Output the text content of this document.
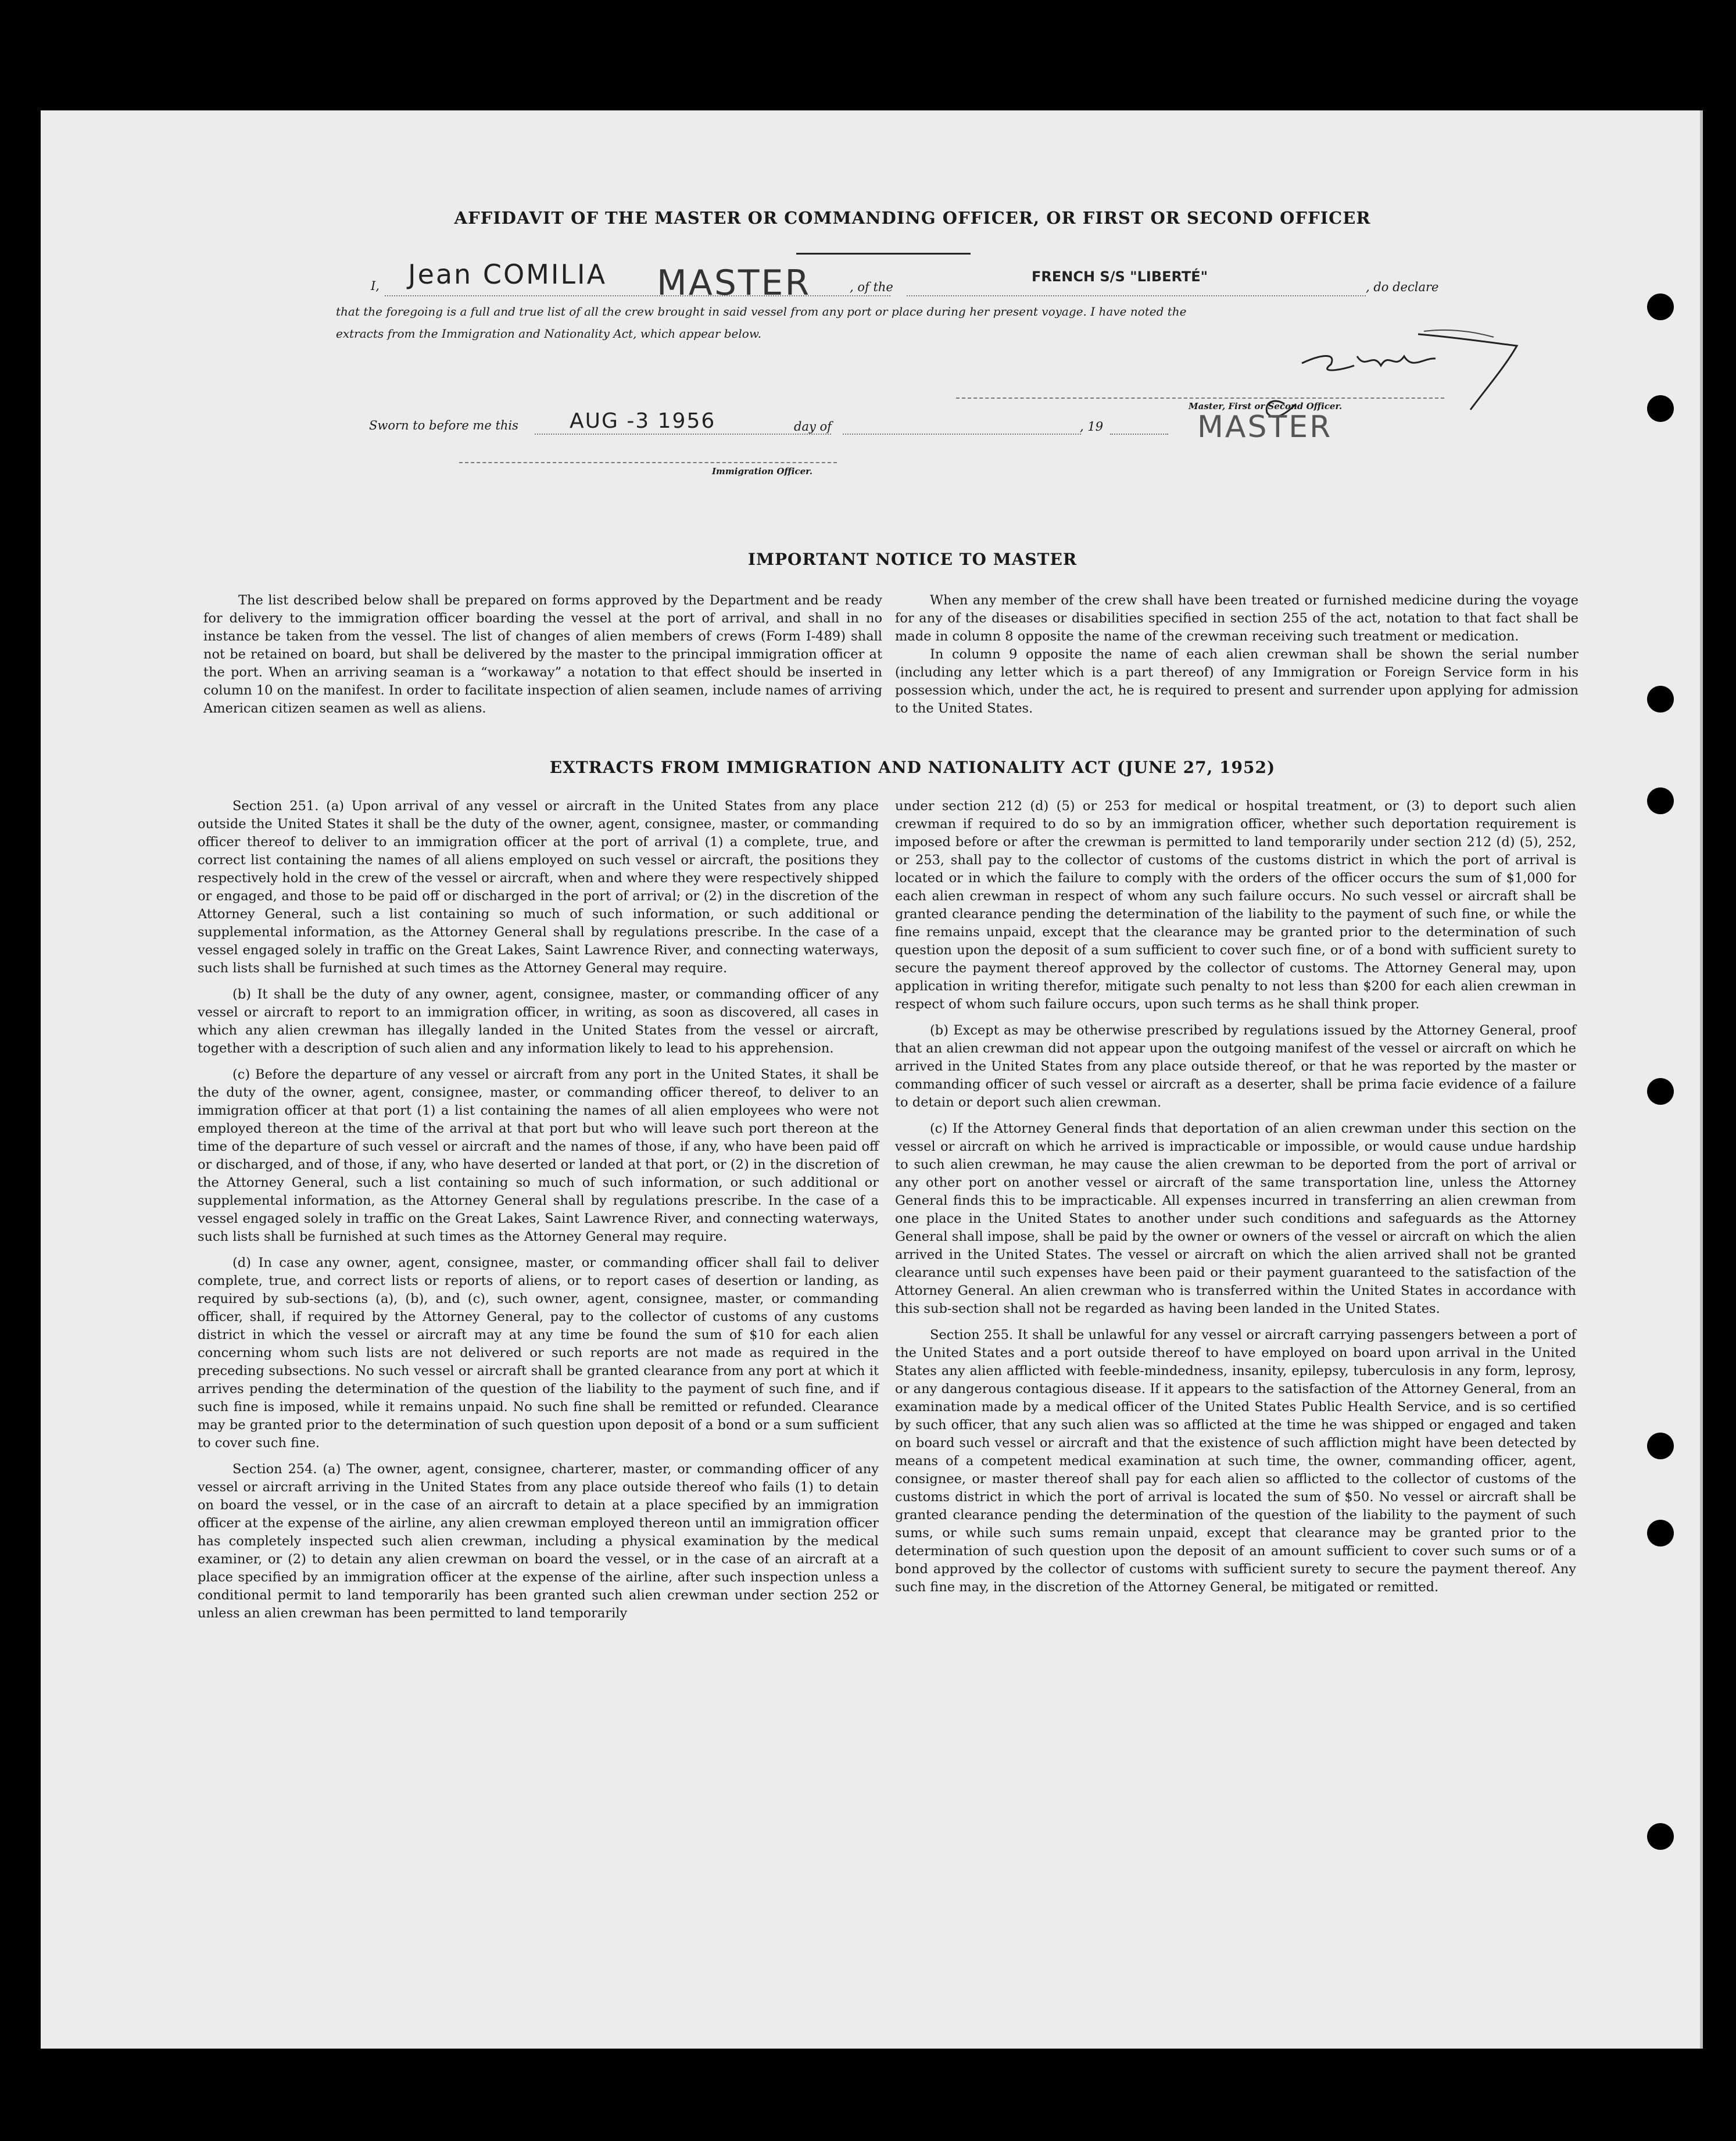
AFFIDAVIT OF THE MASTER OR COMMANDING OFFICER, OR FIRST OR SECOND OFFICER
I, Jean COMILIA MASTER	, of the
FRENCH S/S "LIBERTÉ"
, do declare
that the foregoing is a full and true list of all the crew brought in said vessel from any port or place during her present voyage. I have noted the
extracts from the Immigration and Nationality Act, which appear below.
Sworn to before me this AUG -3 1956	day of	, 19
Master, First or Second Officer.
MASTER
Immigration Officer.
IMPORTANT NOTICE TO MASTER

The list described below shall be prepared on forms approved by the Department and be ready for delivery to the immigration officer boarding the vessel at the port of arrival, and shall in no instance be taken from the vessel. The list of changes of alien members of crews (Form I-489) shall not be retained on board, but shall be delivered by the master to the principal immigration officer at the port. When an arriving seaman is a “workaway” a notation to that effect should be inserted in column 10 on the manifest. In order to facilitate inspection of alien seamen, include names of arriving American citizen seamen as well as aliens.

When any member of the crew shall have been treated or furnished medicine during the voyage for any of the diseases or disabilities specified in section 255 of the act, notation to that fact shall be made in column 8 opposite the name of the crewman receiving such treatment or medication.

In column 9 opposite the name of each alien crewman shall be shown the serial number (including any letter which is a part thereof) of any Immigration or Foreign Service form in his possession which, under the act, he is required to present and surrender upon applying for admission to the United States.

EXTRACTS FROM IMMIGRATION AND NATIONALITY ACT (JUNE 27, 1952)

Section 251. (a) Upon arrival of any vessel or aircraft in the United States from any place outside the United States it shall be the duty of the owner, agent, consignee, master, or commanding officer thereof to deliver to an immigration officer at the port of arrival (1) a complete, true, and correct list containing the names of all aliens employed on such vessel or aircraft, the positions they respectively hold in the crew of the vessel or aircraft, when and where they were respectively shipped or engaged, and those to be paid off or discharged in the port of arrival; or (2) in the discretion of the Attorney General, such a list containing so much of such information, or such additional or supplemental information, as the Attorney General shall by regulations prescribe. In the case of a vessel engaged solely in traffic on the Great Lakes, Saint Lawrence River, and connecting waterways, such lists shall be furnished at such times as the Attorney General may require.

(b) It shall be the duty of any owner, agent, consignee, master, or commanding officer of any vessel or aircraft to report to an immigration officer, in writing, as soon as discovered, all cases in which any alien crewman has illegally landed in the United States from the vessel or aircraft, together with a description of such alien and any information likely to lead to his apprehension.

(c) Before the departure of any vessel or aircraft from any port in the United States, it shall be the duty of the owner, agent, consignee, master, or commanding officer thereof, to deliver to an immigration officer at that port (1) a list containing the names of all alien employees who were not employed thereon at the time of the arrival at that port but who will leave such port thereon at the time of the departure of such vessel or aircraft and the names of those, if any, who have been paid off or discharged, and of those, if any, who have deserted or landed at that port, or (2) in the discretion of the Attorney General, such a list containing so much of such information, or such additional or supplemental information, as the Attorney General shall by regulations prescribe. In the case of a vessel engaged solely in traffic on the Great Lakes, Saint Lawrence River, and connecting waterways, such lists shall be furnished at such times as the Attorney General may require.

(d) In case any owner, agent, consignee, master, or commanding officer shall fail to deliver complete, true, and correct lists or reports of aliens, or to report cases of desertion or landing, as required by sub-sections (a), (b), and (c), such owner, agent, consignee, master, or commanding officer, shall, if required by the Attorney General, pay to the collector of customs of any customs district in which the vessel or aircraft may at any time be found the sum of $10 for each alien concerning whom such lists are not delivered or such reports are not made as required in the preceding subsections. No such vessel or aircraft shall be granted clearance from any port at which it arrives pending the determination of the question of the liability to the payment of such fine, and if such fine is imposed, while it remains unpaid. No such fine shall be remitted or refunded. Clearance may be granted prior to the determination of such question upon deposit of a bond or a sum sufficient to cover such fine.

Section 254. (a) The owner, agent, consignee, charterer, master, or commanding officer of any vessel or aircraft arriving in the United States from any place outside thereof who fails (1) to detain on board the vessel, or in the case of an aircraft to detain at a place specified by an immigration officer at the expense of the airline, any alien crewman employed thereon until an immigration officer has completely inspected such alien crewman, including a physical examination by the medical examiner, or (2) to detain any alien crewman on board the vessel, or in the case of an aircraft at a place specified by an immigration officer at the expense of the airline, after such inspection unless a conditional permit to land temporarily has been granted such alien crewman under section 252 or unless an alien crewman has been permitted to land temporarily

under section 212 (d) (5) or 253 for medical or hospital treatment, or (3) to deport such alien crewman if required to do so by an immigration officer, whether such deportation requirement is imposed before or after the crewman is permitted to land temporarily under section 212 (d) (5), 252, or 253, shall pay to the collector of customs of the customs district in which the port of arrival is located or in which the failure to comply with the orders of the officer occurs the sum of $1,000 for each alien crewman in respect of whom any such failure occurs. No such vessel or aircraft shall be granted clearance pending the determination of the liability to the payment of such fine, or while the fine remains unpaid, except that the clearance may be granted prior to the determination of such question upon the deposit of a sum sufficient to cover such fine, or of a bond with sufficient surety to secure the payment thereof approved by the collector of customs. The Attorney General may, upon application in writing therefor, mitigate such penalty to not less than $200 for each alien crewman in respect of whom such failure occurs, upon such terms as he shall think proper.

(b) Except as may be otherwise prescribed by regulations issued by the Attorney General, proof that an alien crewman did not appear upon the outgoing manifest of the vessel or aircraft on which he arrived in the United States from any place outside thereof, or that he was reported by the master or commanding officer of such vessel or aircraft as a deserter, shall be prima facie evidence of a failure to detain or deport such alien crewman.

(c) If the Attorney General finds that deportation of an alien crewman under this section on the vessel or aircraft on which he arrived is impracticable or impossible, or would cause undue hardship to such alien crewman, he may cause the alien crewman to be deported from the port of arrival or any other port on another vessel or aircraft of the same transportation line, unless the Attorney General finds this to be impracticable. All expenses incurred in transferring an alien crewman from one place in the United States to another under such conditions and safeguards as the Attorney General shall impose, shall be paid by the owner or owners of the vessel or aircraft on which the alien arrived in the United States. The vessel or aircraft on which the alien arrived shall not be granted clearance until such expenses have been paid or their payment guaranteed to the satisfaction of the Attorney General. An alien crewman who is transferred within the United States in accordance with this sub-section shall not be regarded as having been landed in the United States.

Section 255. It shall be unlawful for any vessel or aircraft carrying passengers between a port of the United States and a port outside thereof to have employed on board upon arrival in the United States any alien afflicted with feeble-mindedness, insanity, epilepsy, tuberculosis in any form, leprosy, or any dangerous contagious disease. If it appears to the satisfaction of the Attorney General, from an examination made by a medical officer of the United States Public Health Service, and is so certified by such officer, that any such alien was so afflicted at the time he was shipped or engaged and taken on board such vessel or aircraft and that the existence of such affliction might have been detected by means of a competent medical examination at such time, the owner, commanding officer, agent, consignee, or master thereof shall pay for each alien so afflicted to the collector of customs of the customs district in which the port of arrival is located the sum of $50. No vessel or aircraft shall be granted clearance pending the determination of the question of the liability to the payment of such sums, or while such sums remain unpaid, except that clearance may be granted prior to the determination of such question upon the deposit of an amount sufficient to cover such sums or of a bond approved by the collector of customs with sufficient surety to secure the payment thereof. Any such fine may, in the discretion of the Attorney General, be mitigated or remitted.
